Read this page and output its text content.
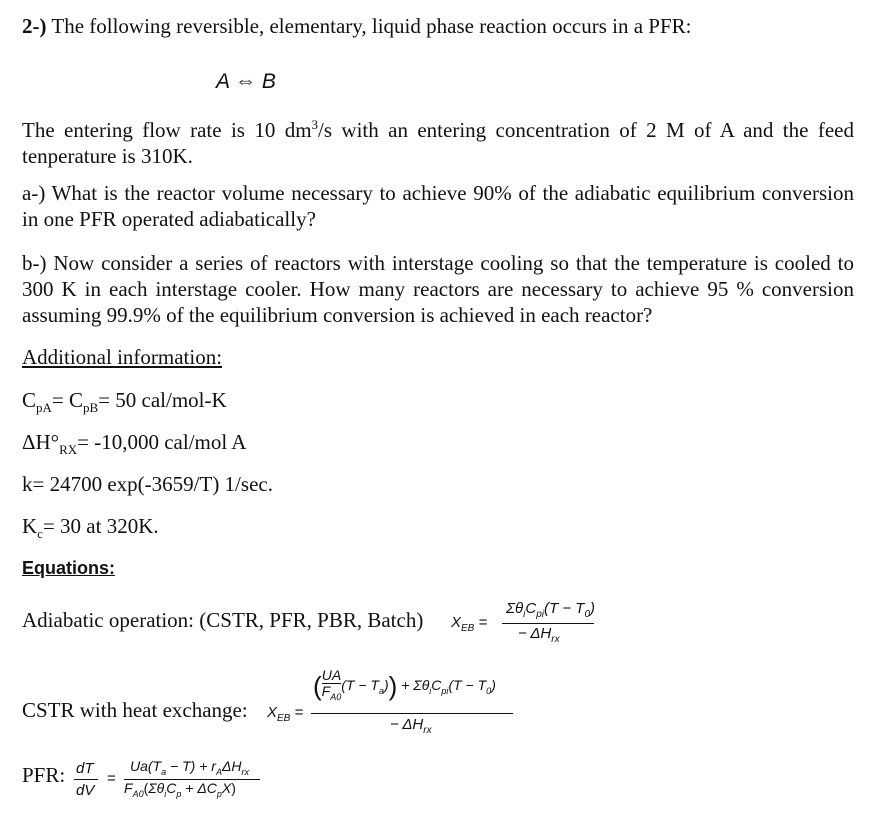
2-) The following reversible, elementary, liquid phase reaction occurs in a PFR:
A ⇔ B
The entering flow rate is 10 $dm^3/s$ with an entering concentration of 2 M of A and the feed tenperature is 310K.
a-) What is the reactor volume necessary to achieve 90% of the adiabatic equilibrium conversion in one PFR operated adiabatically?
b-) Now consider a series of reactors with interstage cooling so that the temperature is cooled to 300 K in each interstage cooler. How many reactors are necessary to achieve 95 % conversion assuming 99.9% of the equilibrium conversion is achieved in each reactor?
Additional information:
$C_{pA}= C_{pB}= 50$ cal/mol-K
$\Delta H^\circ_{RX}= -10,000$ cal/mol A
k= 24700 exp(-3659/T) 1/sec.
$K_c= 30$ at 320K.
Equations:
Adiabatic operation: (CSTR, PFR, PBR, Batch) $X_{EB}$ =
$\Sigma\theta_iC_{pi}(T - T_0)$
− $\Delta H_{rx}$
CSTR with heat exchange: $X_{EB}$ =
( $\frac{UA}{F_{A0}} (T - T_a)) + \Sigma\theta_iC_{pi}(T - T_0)$
− $\Delta H_{rx}$
PFR: dT
dV
=
$Ua(T_a - T) + r_A\Delta H_{rx}$
$F_{A0}(\Sigma\theta_iC_p + \Delta C_pX)$
